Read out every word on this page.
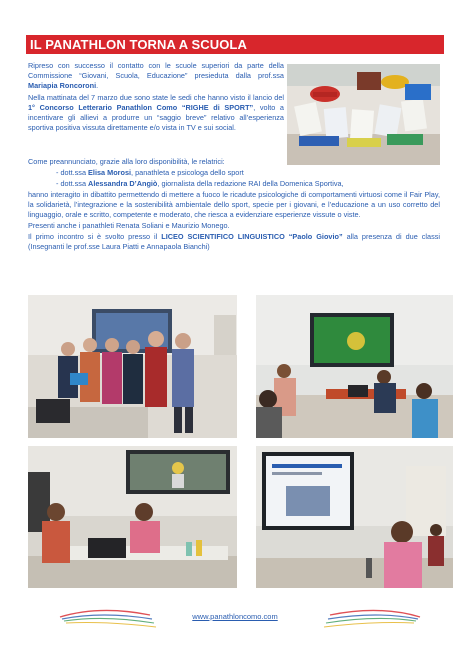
IL PANATHLON TORNA A SCUOLA

Ripreso con successo il contatto con le scuole superiori da parte della Commissione “Giovani, Scuola, Educazione” presieduta dalla prof.ssa Mariapia Roncoroni.

Nella mattinata del 7 marzo due sono state le sedi che hanno visto il lancio del 1° Concorso Letterario Panathlon Como “RIGHE di SPORT”, volto a incentivare gli allievi a produrre un “saggio breve” relativo all’esperienza sportiva positiva vissuta direttamente e/o vista in TV e sui social.

Come preannunciato, grazie alla loro disponibilità, le relatrici:

- dott.ssa Elisa Morosi, panathleta e psicologa dello sport

- dott.ssa Alessandra D’Angiò, giornalista della redazione RAI della Domenica Sportiva,

hanno interagito in dibattito permettendo di mettere a fuoco le ricadute psicologiche di comportamenti virtuosi come il Fair Play, la solidarietà, l’integrazione e la sostenibilità ambientale dello sport, specie per i giovani, e l’educazione a un uso corretto del linguaggio, orale e scritto, competente e moderato, che riesca a evidenziare esperienze vissute o viste.

Presenti anche i panathleti Renata Soliani e Maurizio Monego.

Il primo incontro si è svolto presso il LICEO SCIENTIFICO LINGUISTICO “Paolo Giovio” alla presenza di due classi (Insegnanti le prof.sse Laura Piatti e Annapaola Bianchi)

www.panathloncomo.com
